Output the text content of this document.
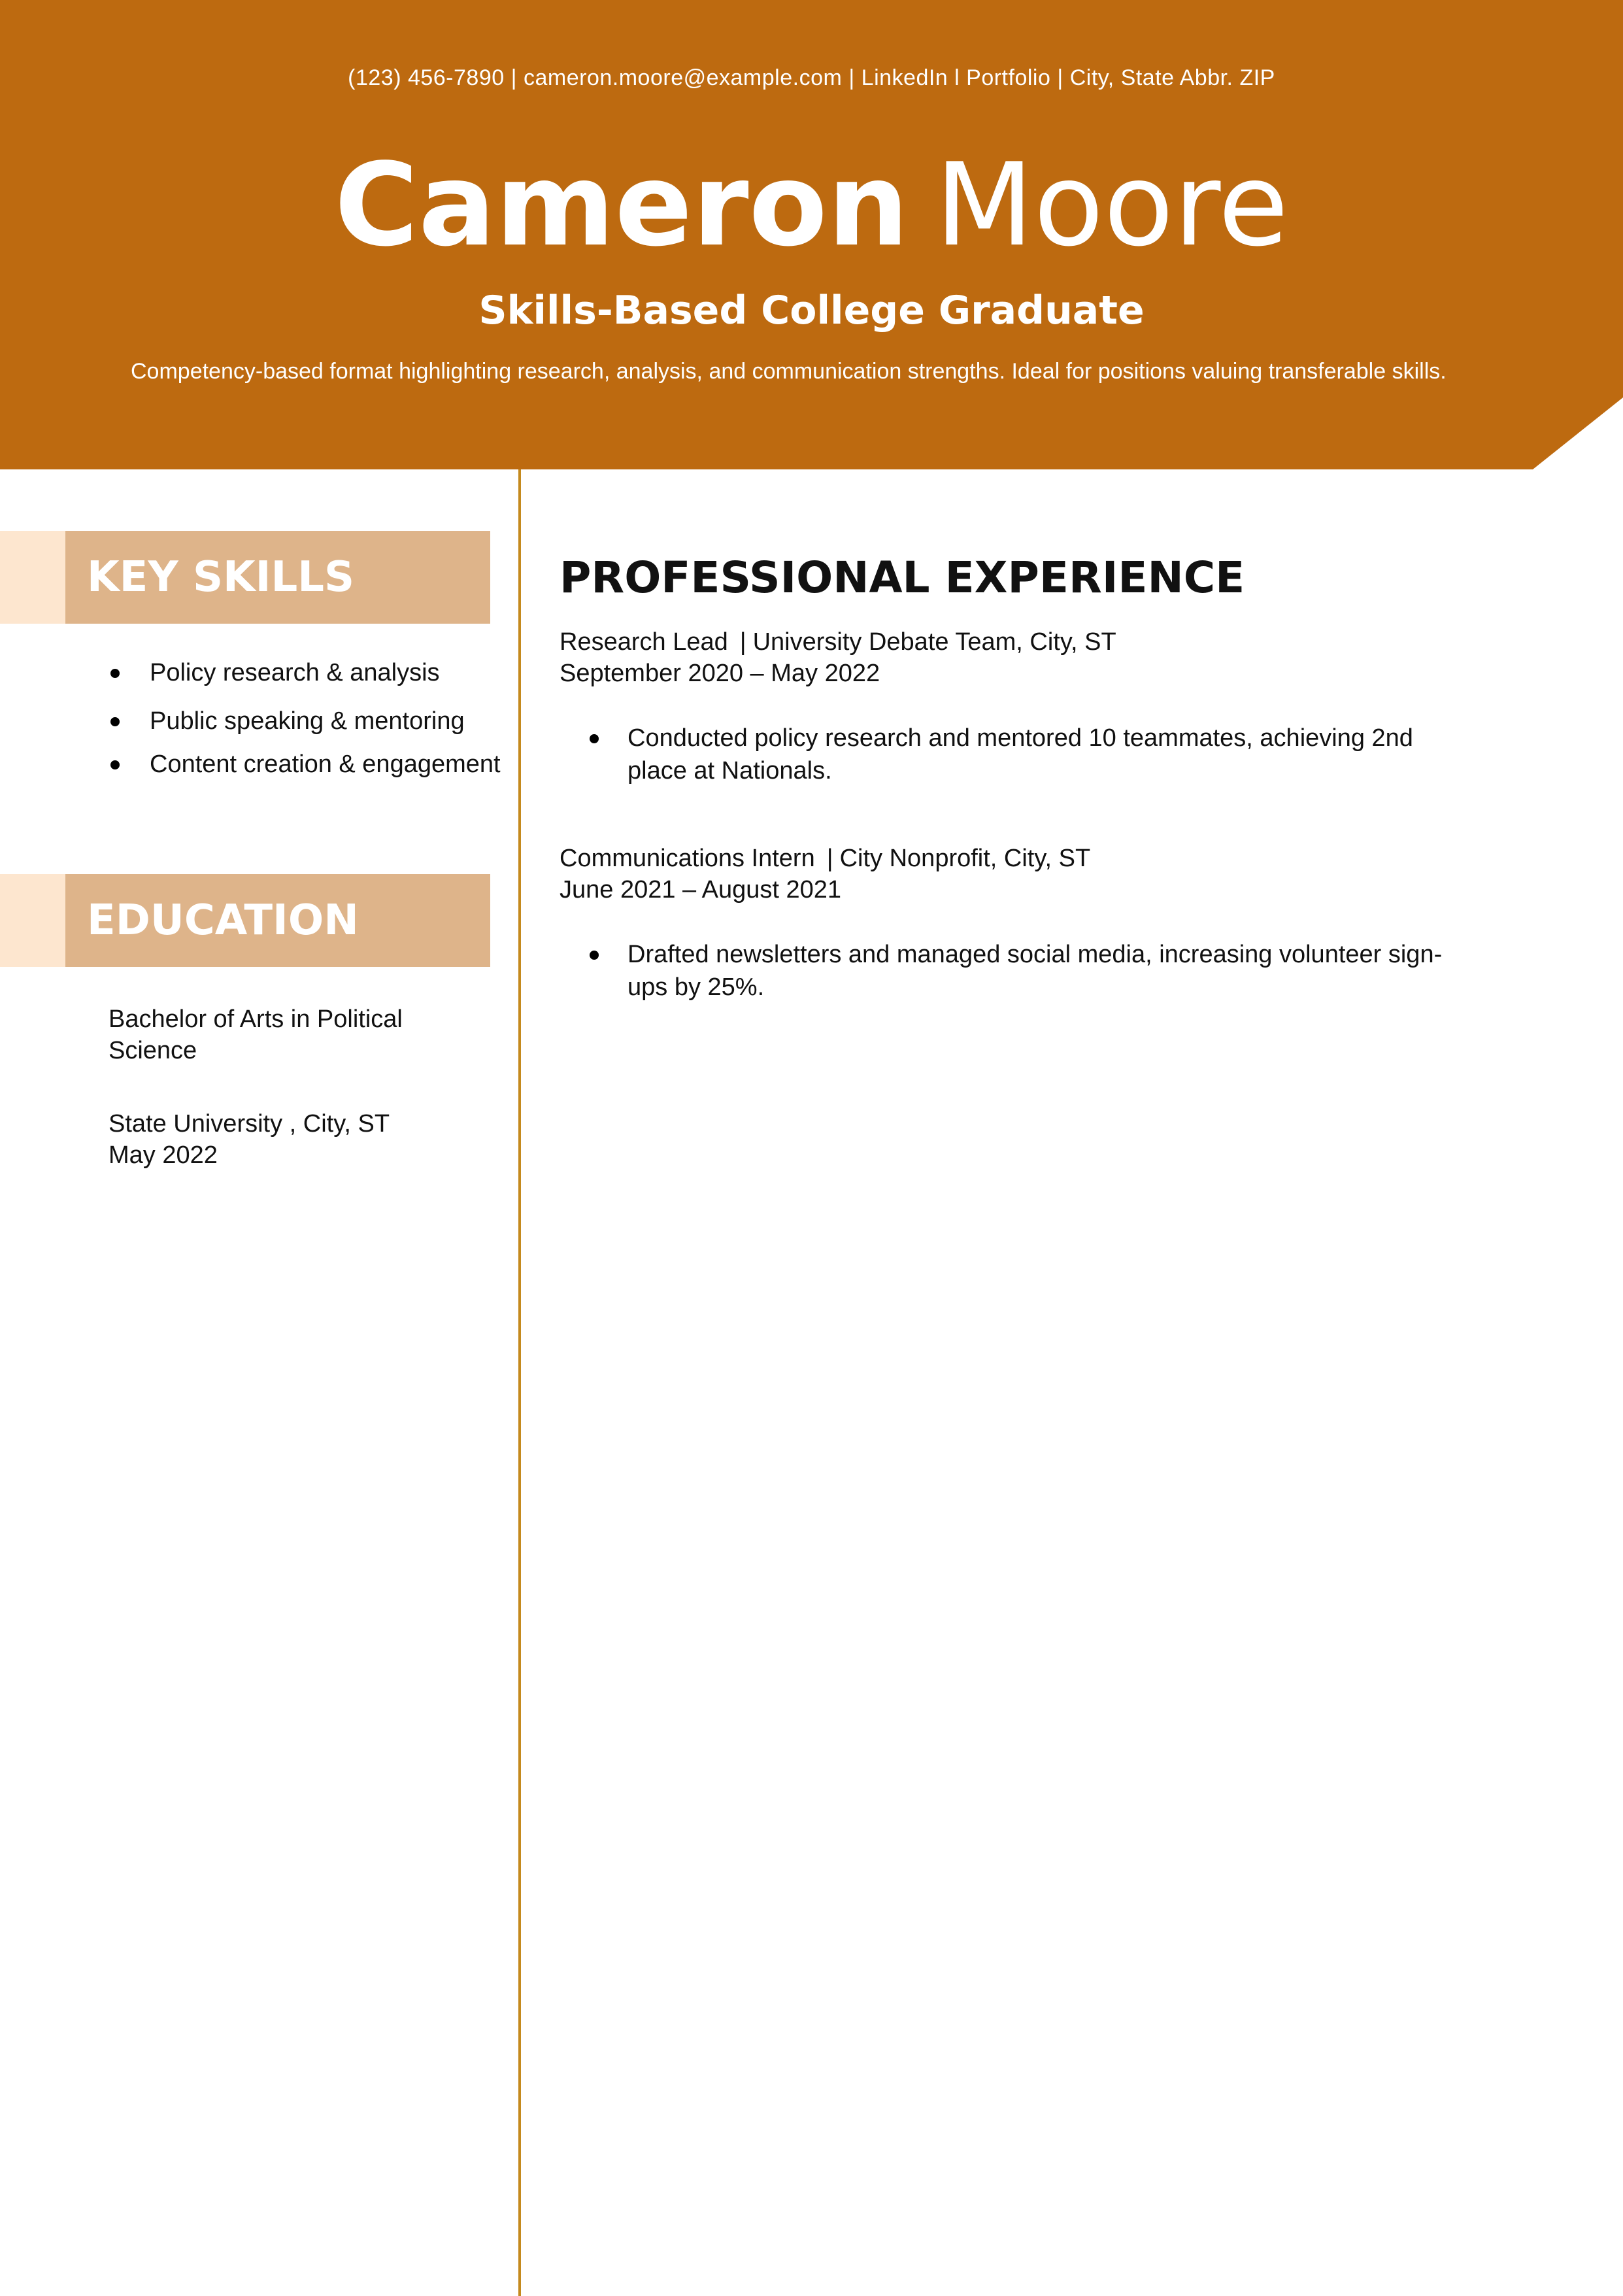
(123) 456-7890 | cameron.moore@example.com | LinkedIn l Portfolio | City, State Abbr. ZIP
Cameron Moore
Skills-Based College Graduate
Competency-based format highlighting research, analysis, and communication strengths. Ideal for positions valuing transferable skills.
KEY SKILLS
Policy research & analysis
Public speaking & mentoring
Content creation & engagement
EDUCATION
Bachelor of Arts in Political Science
State University , City, ST
May 2022
PROFESSIONAL EXPERIENCE
Research Lead | University Debate Team, City, ST
September 2020 – May 2022
Conducted policy research and mentored 10 teammates, achieving 2nd place at Nationals.
Communications Intern | City Nonprofit, City, ST
June 2021 – August 2021
Drafted newsletters and managed social media, increasing volunteer sign-ups by 25%.
